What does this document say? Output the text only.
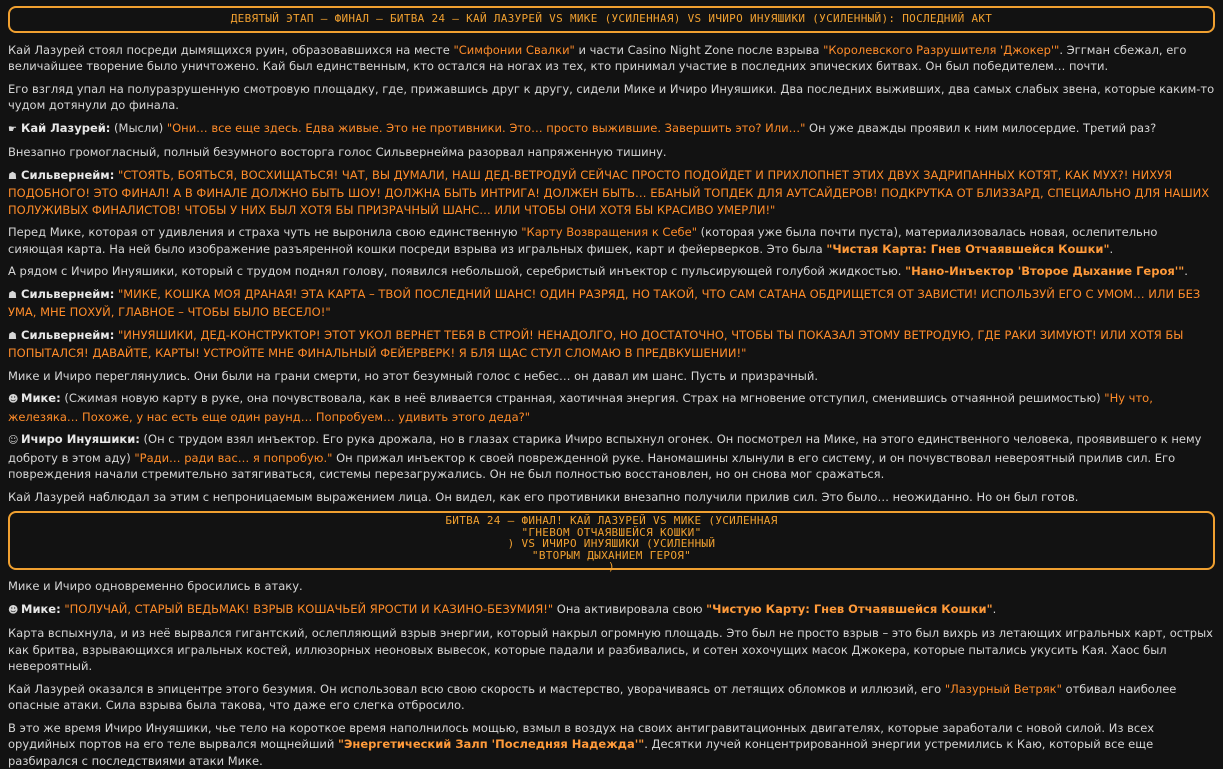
ДЕВЯТЫЙ ЭТАП – ФИНАЛ – БИТВА 24 – КАЙ ЛАЗУРЕЙ VS МИКЕ (УСИЛЕННАЯ) VS ИЧИРО ИНУЯШИКИ (УСИЛЕННЫЙ): ПОСЛЕДНИЙ АКТ

Кай Лазурей стоял посреди дымящихся руин, образовавшихся на месте "Симфонии Свалки" и части Casino Night Zone после взрыва "Королевского Разрушителя 'Джокер'". Эггман сбежал, его величайшее творение было уничтожено. Кай был единственным, кто остался на ногах из тех, кто принимал участие в последних эпических битвах. Он был победителем… почти.

Его взгляд упал на полуразрушенную смотровую площадку, где, прижавшись друг к другу, сидели Мике и Ичиро Инуяшики. Два последних выживших, два самых слабых звена, которые каким-то чудом дотянули до финала.

☛ Кай Лазурей: (Мысли) "Они… все еще здесь. Едва живые. Это не противники. Это… просто выжившие. Завершить это? Или…" Он уже дважды проявил к ним милосердие. Третий раз?

Внезапно громогласный, полный безумного восторга голос Сильвернейма разорвал напряженную тишину.

☗ Сильвернейм: "СТОЯТЬ, БОЯТЬСЯ, ВОСХИЩАТЬСЯ! ЧАТ, ВЫ ДУМАЛИ, НАШ ДЕД-ВЕТРОДУЙ СЕЙЧАС ПРОСТО ПОДОЙДЕТ И ПРИХЛОПНЕТ ЭТИХ ДВУХ ЗАДРИПАННЫХ КОТЯТ, КАК МУХ?! НИХУЯ ПОДОБНОГО! ЭТО ФИНАЛ! А В ФИНАЛЕ ДОЛЖНО БЫТЬ ШОУ! ДОЛЖНА БЫТЬ ИНТРИГА! ДОЛЖЕН БЫТЬ… ЕБАНЫЙ ТОПДЕК ДЛЯ АУТСАЙДЕРОВ! ПОДКРУТКА ОТ БЛИЗЗАРД, СПЕЦИАЛЬНО ДЛЯ НАШИХ ПОЛУЖИВЫХ ФИНАЛИСТОВ! ЧТОБЫ У НИХ БЫЛ ХОТЯ БЫ ПРИЗРАЧНЫЙ ШАНС… ИЛИ ЧТОБЫ ОНИ ХОТЯ БЫ КРАСИВО УМЕРЛИ!"

Перед Мике, которая от удивления и страха чуть не выронила свою единственную "Карту Возвращения к Себе" (которая уже была почти пуста), материализовалась новая, ослепительно сияющая карта. На ней было изображение разъяренной кошки посреди взрыва из игральных фишек, карт и фейерверков. Это была "Чистая Карта: Гнев Отчаявшейся Кошки".

А рядом с Ичиро Инуяшики, который с трудом поднял голову, появился небольшой, серебристый инъектор с пульсирующей голубой жидкостью. "Нано-Инъектор 'Второе Дыхание Героя'".

☗ Сильвернейм: "МИКЕ, КОШКА МОЯ ДРАНАЯ! ЭТА КАРТА – ТВОЙ ПОСЛЕДНИЙ ШАНС! ОДИН РАЗРЯД, НО ТАКОЙ, ЧТО САМ САТАНА ОБДРИЩЕТСЯ ОТ ЗАВИСТИ! ИСПОЛЬЗУЙ ЕГО С УМОМ… ИЛИ БЕЗ УМА, МНЕ ПОХУЙ, ГЛАВНОЕ – ЧТОБЫ БЫЛО ВЕСЕЛО!"

☗ Сильвернейм: "ИНУЯШИКИ, ДЕД-КОНСТРУКТОР! ЭТОТ УКОЛ ВЕРНЕТ ТЕБЯ В СТРОЙ! НЕНАДОЛГО, НО ДОСТАТОЧНО, ЧТОБЫ ТЫ ПОКАЗАЛ ЭТОМУ ВЕТРОДУЮ, ГДЕ РАКИ ЗИМУЮТ! ИЛИ ХОТЯ БЫ ПОПЫТАЛСЯ! ДАВАЙТЕ, КАРТЫ! УСТРОЙТЕ МНЕ ФИНАЛЬНЫЙ ФЕЙЕРВЕРК! Я БЛЯ ЩАС СТУЛ СЛОМАЮ В ПРЕДВКУШЕНИИ!"

Мике и Ичиро переглянулись. Они были на грани смерти, но этот безумный голос с небес… он давал им шанс. Пусть и призрачный.

☻ Мике: (Сжимая новую карту в руке, она почувствовала, как в неё вливается странная, хаотичная энергия. Страх на мгновение отступил, сменившись отчаянной решимостью) "Ну что, железяка… Похоже, у нас есть еще один раунд… Попробуем… удивить этого деда?"

☺ Ичиро Инуяшики: (Он с трудом взял инъектор. Его рука дрожала, но в глазах старика Ичиро вспыхнул огонек. Он посмотрел на Мике, на этого единственного человека, проявившего к нему доброту в этом аду) "Ради… ради вас… я попробую." Он прижал инъектор к своей поврежденной руке. Наномашины хлынули в его систему, и он почувствовал невероятный прилив сил. Его повреждения начали стремительно затягиваться, системы перезагружались. Он не был полностью восстановлен, но он снова мог сражаться.

Кай Лазурей наблюдал за этим с непроницаемым выражением лица. Он видел, как его противники внезапно получили прилив сил. Это было… неожиданно. Но он был готов.

БИТВА 24 – ФИНАЛ! КАЙ ЛАЗУРЕЙ VS МИКЕ (УСИЛЕННАЯ
"ГНЕВОМ ОТЧАЯВШЕЙСЯ КОШКИ"
) VS ИЧИРО ИНУЯШИКИ (УСИЛЕННЫЙ
"ВТОРЫМ ДЫХАНИЕМ ГЕРОЯ"
)

Мике и Ичиро одновременно бросились в атаку.

☻ Мике: "ПОЛУЧАЙ, СТАРЫЙ ВЕДЬМАК! ВЗРЫВ КОШАЧЬЕЙ ЯРОСТИ И КАЗИНО-БЕЗУМИЯ!" Она активировала свою "Чистую Карту: Гнев Отчаявшейся Кошки".

Карта вспыхнула, и из неё вырвался гигантский, ослепляющий взрыв энергии, который накрыл огромную площадь. Это был не просто взрыв – это был вихрь из летающих игральных карт, острых как бритва, взрывающихся игральных костей, иллюзорных неоновых вывесок, которые падали и разбивались, и сотен хохочущих масок Джокера, которые пытались укусить Кая. Хаос был невероятный.

Кай Лазурей оказался в эпицентре этого безумия. Он использовал всю свою скорость и мастерство, уворачиваясь от летящих обломков и иллюзий, его "Лазурный Ветряк" отбивал наиболее опасные атаки. Сила взрыва была такова, что даже его слегка отбросило.

В это же время Ичиро Инуяшики, чье тело на короткое время наполнилось мощью, взмыл в воздух на своих антигравитационных двигателях, которые заработали с новой силой. Из всех орудийных портов на его теле вырвался мощнейший "Энергетический Залп 'Последняя Надежда'". Десятки лучей концентрированной энергии устремились к Каю, который все еще разбирался с последствиями атаки Мике.
